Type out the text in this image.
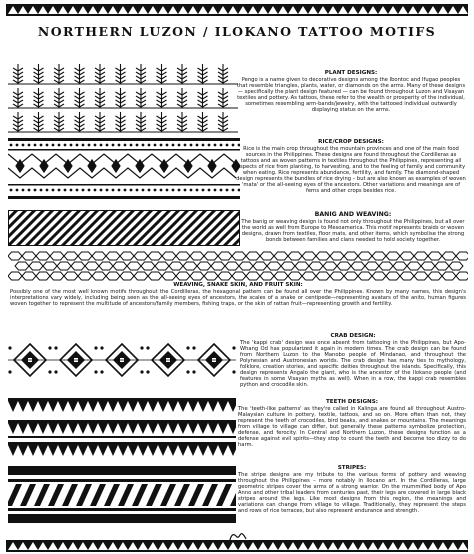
NORTHERN LUZON / ILOKANO TATTOO MOTIFS
PLANT DESIGNS:
Pengo is a name given to decorative designs among the Ibontoc and Ifugao peoples that resemble triangles, plants, water, or diamonds on the arms. Many of these designs — specifically the plant design featured — can be found throughout Luzon and Visayan textiles and pottery. As tattoos, these refer to the wealth or prosperity of the individual, sometimes resembling arm-bands/jewelry, with the tattooed individual outwardly displaying status on the arms.
RICE/CROP DESIGNS:
Rice is the main crop throughout the mountain provinces and one of the main food sources in the Philippines. These designs are found throughout the Cordilleras as tattoos and as woven patterns in textiles throughout the Philippines, representing all aspects of rice from planting, to harvesting, and to the feeling of family and community when eating. Rice represents abundance, fertility, and family. The diamond-shaped design represents the bundles of rice drying – but are also known as examples of woven 'mata' or the all-seeing eyes of the ancestors. Other variations and meanings are of ferns and other crops besides rice.
BANIG AND WEAVING:
The banig or weaving design is found not only throughout the Philippines, but all over the world as well from Europe to Mesoamerica. This motif represents braids or woven designs, drawn from textiles, floor mats, and other items, which symbolise the strong bonds between families and clans needed to hold society together.
WEAVING, SNAKE SKIN, AND FRUIT SKIN:
Possibly one of the most well known motifs throughout the Cordilleras, the hexagonal pattern can be found all over the Philippines. Known by many names, this design's interpretations vary widely, including being seen as the all-seeing eyes of ancestors, the scales of a snake or centipede—representing avatars of the anito, human figures woven together to represent the multitude of ancestors/family members, fishing traps, or the skin of rattan fruit—representing growth and fertility.
CRAB DESIGN:
The 'kappi crab' design was once absent from tattooing in the Philippines, but Apo-Whang Od has popularized it again in modern times. The crab design can be found from Northern Luzon to the Manobo people of Mindanao, and throughout the Polynesian and Austronesian worlds. The crab design has many ties to mythology, folklore, creation stories, and specific deities throughout the islands. Specifically, this design represents Angalo the giant, who is the ancestor of the Ilokano people (and features in some Visayan myths as well). When in a row, the kappi crab resembles python and crocodile skin.
TEETH DESIGNS:
The 'teeth-like patterns' as they're called in Kalinga are found all throughout Austro-Malaysian culture in pottery, textile, tattoos, and so on. More often than not, they represent the teeth of crocodiles, bird beaks, and snakes or mountains. The meanings from village to village can differ, but generally these patterns symbolize protection, defense, and ferocity. In Central and Northern Luzon, these designs function as a defense against evil spirits—they stop to count the teeth and become too dizzy to do harm.
STRIPES:
The stripe designs are my tribute to the various forms of pottery and weaving throughout the Philippines – more notably in Ilocano art. In the Cordilleras, large geometric stripes cover the arms of a strong warrior. On the mummified body of Apo Anno and other tribal leaders from centuries past, their legs are covered in large black stripes around the legs. Like most designs from this region, the meanings and variations can change from village to village. Traditionally, they represent the steps and rows of rice terraces, but also represent endurance and strength.
